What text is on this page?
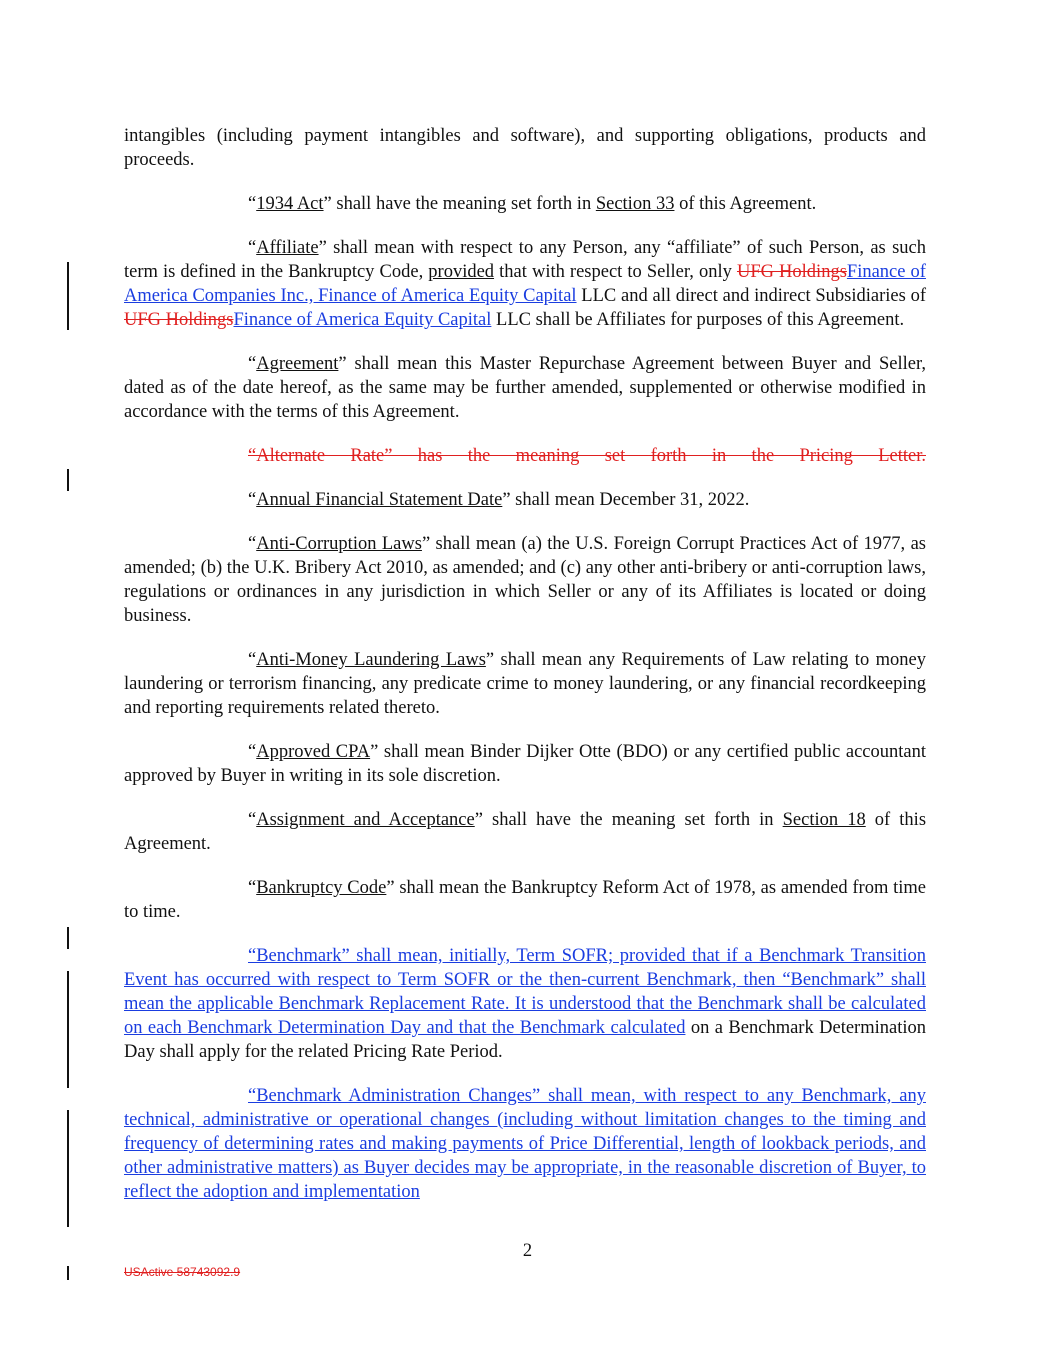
intangibles (including payment intangibles and software), and supporting obligations, products and proceeds.

“1934 Act” shall have the meaning set forth in Section 33 of this Agreement.

“Affiliate” shall mean with respect to any Person, any “affiliate” of such Person, as such term is defined in the Bankruptcy Code, provided that with respect to Seller, only UFG HoldingsFinance of America Companies Inc., Finance of America Equity Capital LLC and all direct and indirect Subsidiaries of UFG HoldingsFinance of America Equity Capital LLC shall be Affiliates for purposes of this Agreement.

“Agreement” shall mean this Master Repurchase Agreement between Buyer and Seller, dated as of the date hereof, as the same may be further amended, supplemented or otherwise modified in accordance with the terms of this Agreement.

“Alternate Rate” has the meaning set forth in the Pricing Letter.

“Annual Financial Statement Date” shall mean December 31, 2022.

“Anti-Corruption Laws” shall mean (a) the U.S. Foreign Corrupt Practices Act of 1977, as amended; (b) the U.K. Bribery Act 2010, as amended; and (c) any other anti-bribery or anti-corruption laws, regulations or ordinances in any jurisdiction in which Seller or any of its Affiliates is located or doing business.

“Anti-Money Laundering Laws” shall mean any Requirements of Law relating to money laundering or terrorism financing, any predicate crime to money laundering, or any financial recordkeeping and reporting requirements related thereto.

“Approved CPA” shall mean Binder Dijker Otte (BDO) or any certified public accountant approved by Buyer in writing in its sole discretion.

“Assignment and Acceptance” shall have the meaning set forth in Section 18 of this Agreement.

“Bankruptcy Code” shall mean the Bankruptcy Reform Act of 1978, as amended from time to time.

“Benchmark” shall mean, initially, Term SOFR; provided that if a Benchmark Transition Event has occurred with respect to Term SOFR or the then-current Benchmark, then “Benchmark” shall mean the applicable Benchmark Replacement Rate. It is understood that the Benchmark shall be calculated on each Benchmark Determination Day and that the Benchmark calculated on a Benchmark Determination Day shall apply for the related Pricing Rate Period.

“Benchmark Administration Changes” shall mean, with respect to any Benchmark, any technical, administrative or operational changes (including without limitation changes to the timing and frequency of determining rates and making payments of Price Differential, length of lookback periods, and other administrative matters) as Buyer decides may be appropriate, in the reasonable discretion of Buyer, to reflect the adoption and implementation

2
USActive 58743092.9
